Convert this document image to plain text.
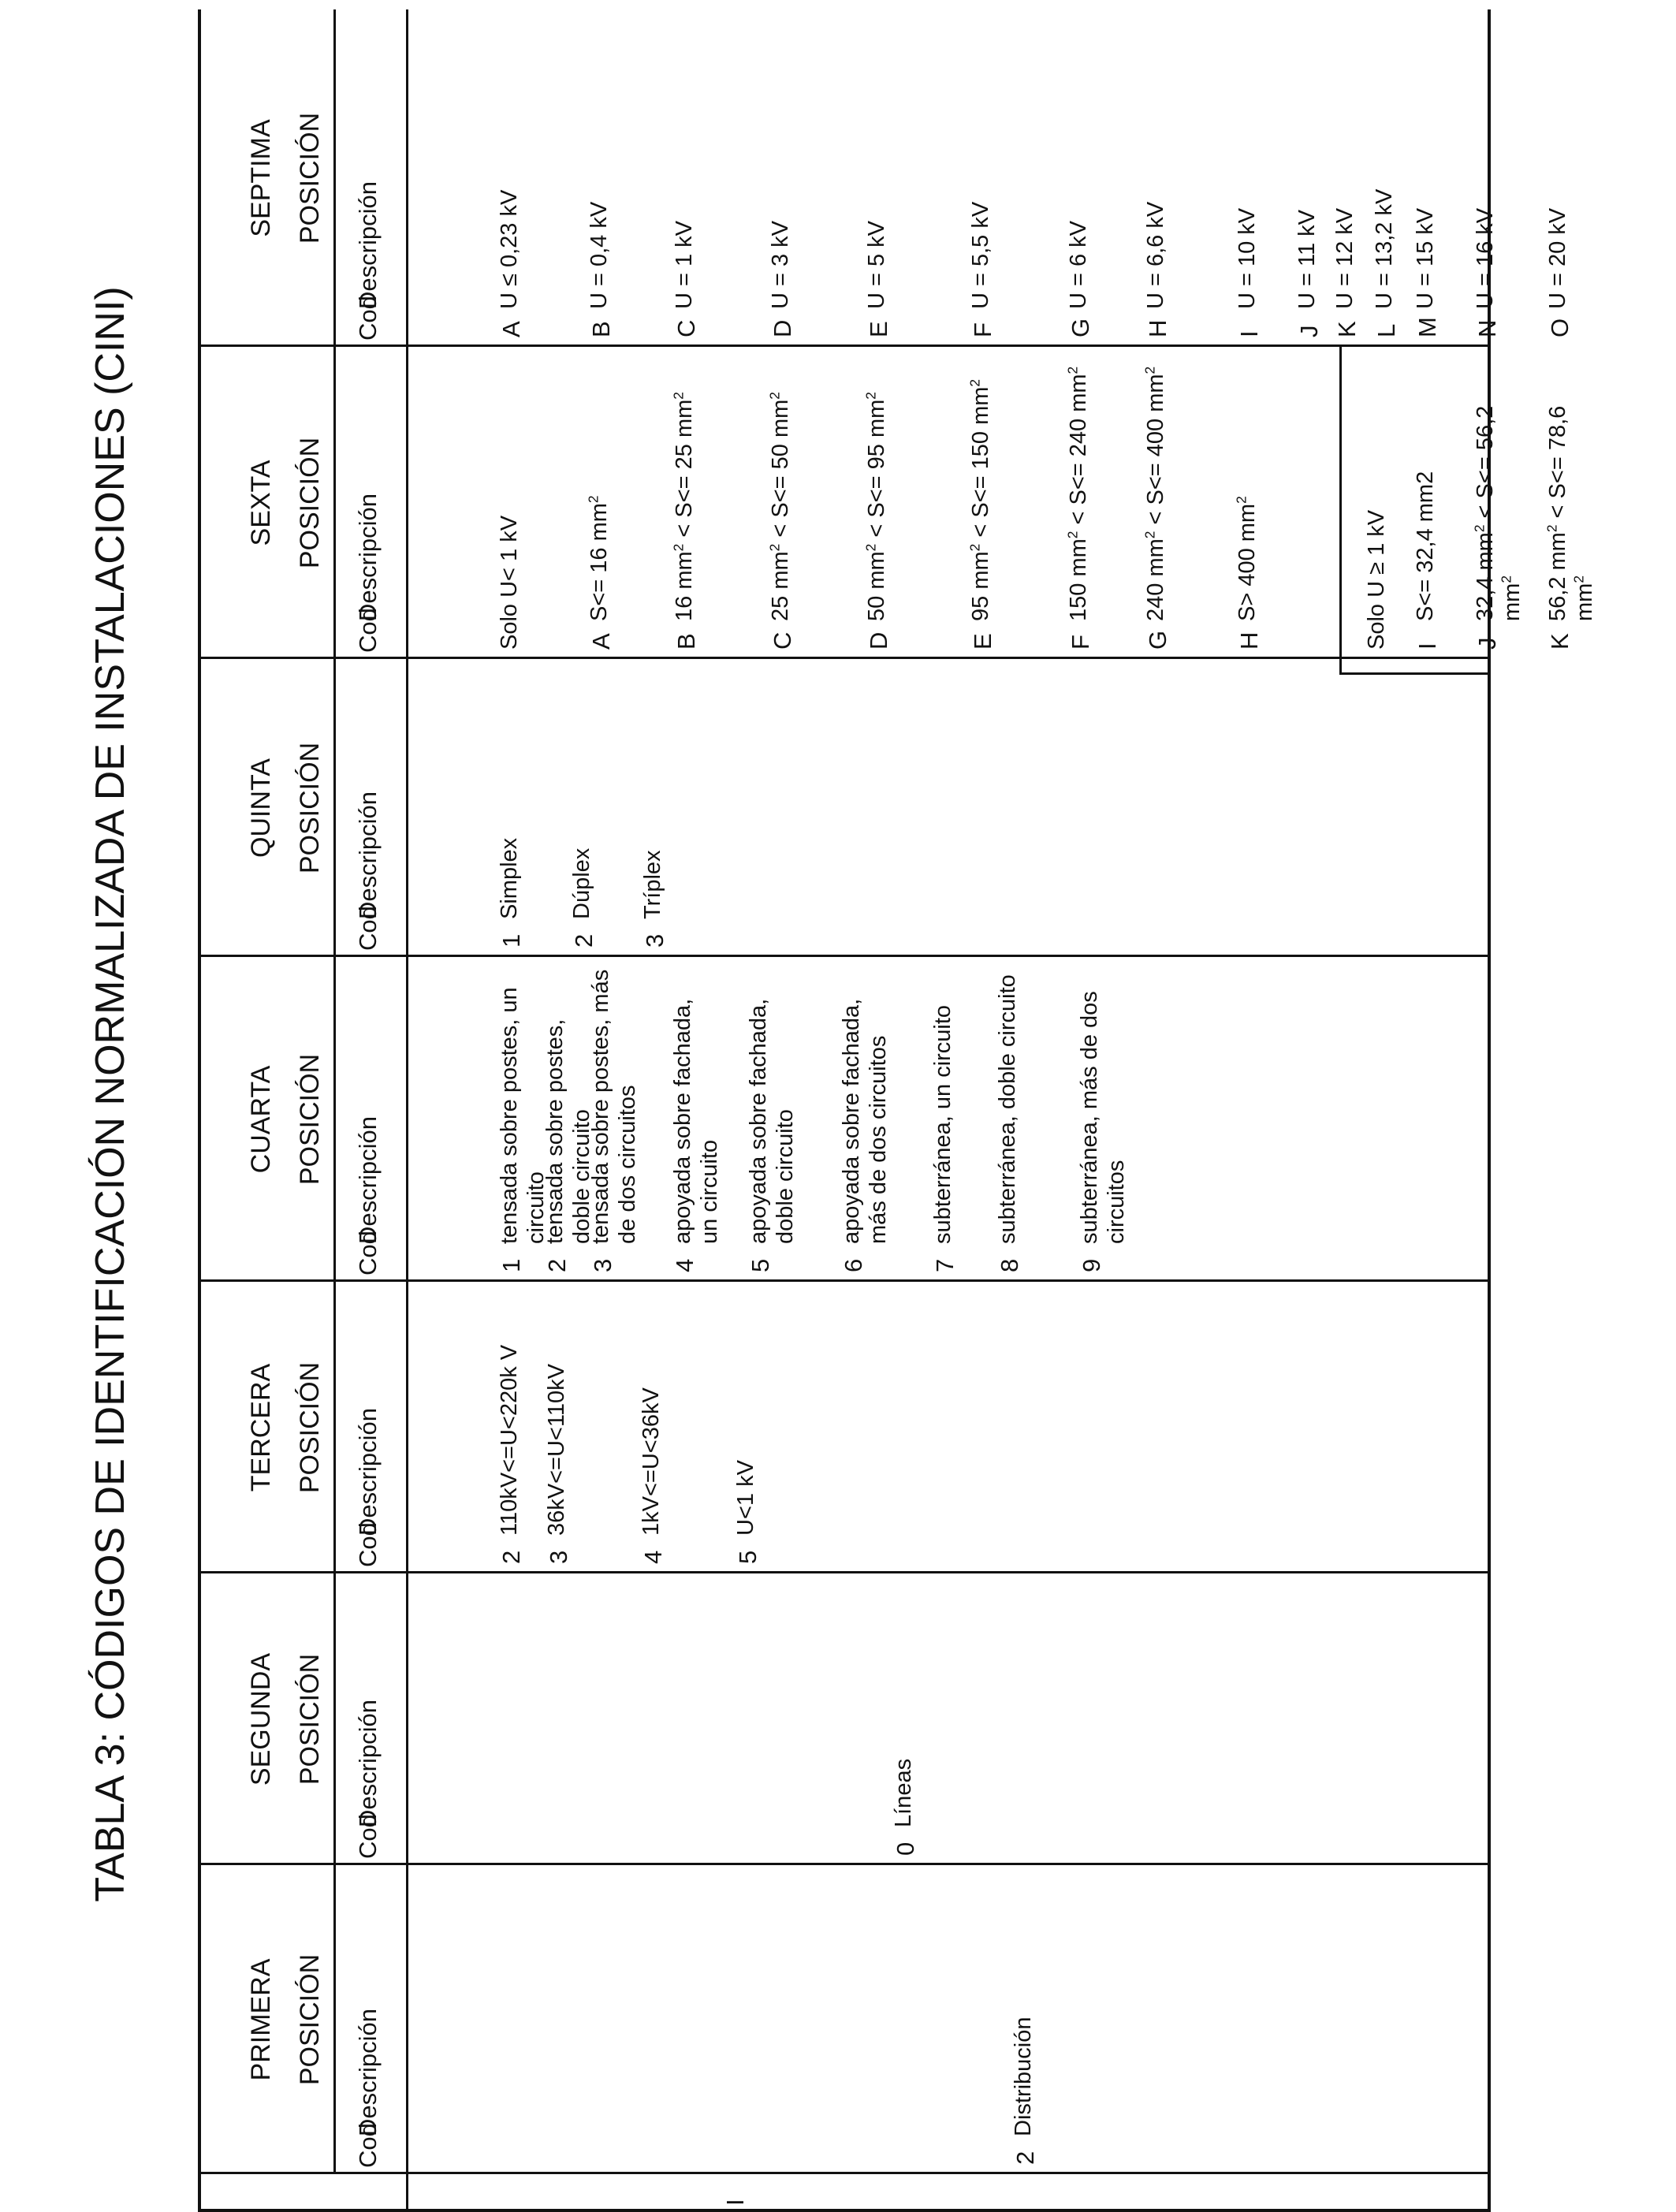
TABLA 3: CÓDIGOS DE IDENTIFICACIÓN NORMALIZADA DE INSTALACIONES (CINI)
I
PRIMERA POSICIÓN
Cod
Descripción
2
Distribución
SEGUNDA POSICIÓN
Cod
Descripción
0
Líneas
TERCERA POSICIÓN
Cod
Descripción
2
110kV<=U<220k V
3
36kV<=U<110kV
4
1kV<=U<36kV
5
U<1 kV
CUARTA POSICIÓN
Cod
Descripción
1
tensada sobre postes, un circuito
2
tensada sobre postes, doble circuito
3
tensada sobre postes, más de dos circuitos
4
apoyada sobre fachada, un circuito
5
apoyada sobre fachada, doble circuito
6
apoyada sobre fachada, más de dos circuitos
7
subterránea, un circuito
8
subterránea, doble circuito
9
subterránea, más de dos circuitos
QUINTA POSICIÓN
Cod
Descripción
1
Simplex
2
Dúplex
3
Tríplex
SEXTA POSICIÓN
Cod
Descripción	Solo U< 1 kV	A
S<= 16 $mm^2$
B
16 $mm^2 < S<= 25$ $mm^2$
C
25 $mm^2 < S<= 50$ $mm^2$
D
50 $mm^2 < S<= 95$ $mm^2$
E
95 $mm^2 < S<= 150$ $mm^2$
F
150 $mm^2 < S<= 240$ $mm^2$
G
240 $mm^2 < S<= 400$ $mm^2$
H
S> 400 $mm^2$
Solo U ≥ 1 kV I
S<= 32,4 mm2
J
32,4 $mm^2 < S<= 56,2$ $mm^2$
K
56,2 $mm^2 < S<= 78,6$ $mm^2$
SEPTIMA POSICIÓN
Cod
Descripción
A
U ≤ 0,23 kV
B
U = 0,4 kV
C
U = 1 kV
D
U = 3 kV
E
U = 5 kV
F
U = 5,5 kV
G
U = 6 kV
H
U = 6,6 kV
I
U = 10 kV
J
U = 11 kV
K
U = 12 kV
L
U = 13,2 kV
M
U = 15 kV
N
U = 16 kV
O
U = 20 kV
